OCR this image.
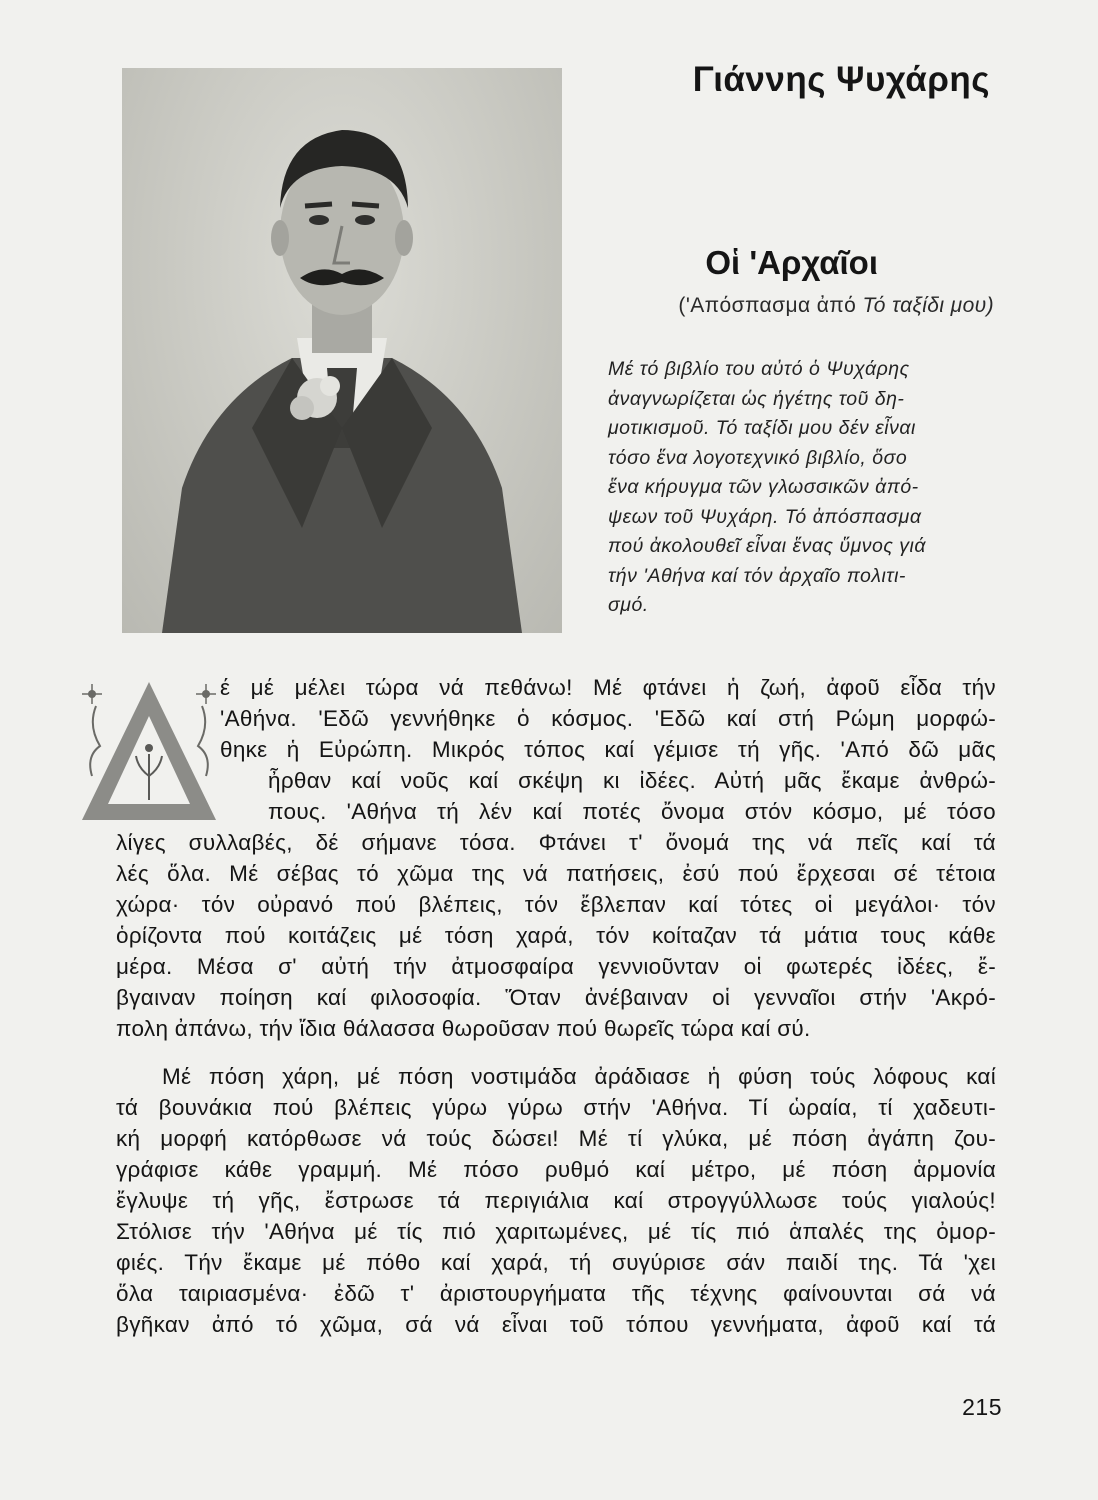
Γιάννης Ψυχάρης
Οἱ 'Αρχαῖοι
('Απόσπασμα ἀπό Τό ταξίδι μου)
Μέ τό βιβλίο του αὐτό ὁ Ψυχάρης
ἀναγνωρίζεται ὡς ἡγέτης τοῦ δη-
μοτικισμοῦ. Τό ταξίδι μου δέν εἶναι
τόσο ἕνα λογοτεχνικό βιβλίο, ὅσο
ἕνα κήρυγμα τῶν γλωσσικῶν ἀπό-
ψεων τοῦ Ψυχάρη. Τό ἀπόσπασμα
πού ἀκολουθεῖ εἶναι ἕνας ὕμνος γιά
τήν 'Αθήνα καί τόν ἀρχαῖο πολιτι-
σμό.
έ μέ μέλει τώρα νά πεθάνω! Μέ φτάνει ἡ ζωή, ἀφοῦ εἶδα τήν
'Αθήνα. 'Εδῶ γεννήθηκε ὁ κόσμος. 'Εδῶ καί στή Ρώμη μορφώ-
θηκε ἡ Εὐρώπη. Μικρός τόπος καί γέμισε τή γῆς. 'Από δῶ μᾶς
ἦρθαν καί νοῦς καί σκέψη κι ἰδέες. Αὐτή μᾶς ἔκαμε ἀνθρώ-
πους. 'Αθήνα τή λέν καί ποτές ὄνομα στόν κόσμο, μέ τόσο
λίγες συλλαβές, δέ σήμανε τόσα. Φτάνει τ' ὄνομά της νά πεῖς καί τά
λές ὅλα. Μέ σέβας τό χῶμα της νά πατήσεις, ἐσύ πού ἔρχεσαι σέ τέτοια
χώρα· τόν οὐρανό πού βλέπεις, τόν ἔβλεπαν καί τότες οἱ μεγάλοι· τόν
ὁρίζοντα πού κοιτάζεις μέ τόση χαρά, τόν κοίταζαν τά μάτια τους κάθε
μέρα. Μέσα σ' αὐτή τήν ἀτμοσφαίρα γεννιοῦνταν οἱ φωτερές ἰδέες, ἔ-
βγαιναν ποίηση καί φιλοσοφία. Ὅταν ἀνέβαιναν οἱ γενναῖοι στήν 'Ακρό-
πολη ἀπάνω, τήν ἴδια θάλασσα θωροῦσαν πού θωρεῖς τώρα καί σύ.
Μέ πόση χάρη, μέ πόση νοστιμάδα ἀράδιασε ἡ φύση τούς λόφους καί
τά βουνάκια πού βλέπεις γύρω γύρω στήν 'Αθήνα. Τί ὡραία, τί χαδευτι-
κή μορφή κατόρθωσε νά τούς δώσει! Μέ τί γλύκα, μέ πόση ἀγάπη ζου-
γράφισε κάθε γραμμή. Μέ πόσο ρυθμό καί μέτρο, μέ πόση ἁρμονία
ἔγλυψε τή γῆς, ἔστρωσε τά περιγιάλια καί στρογγύλλωσε τούς γιαλούς!
Στόλισε τήν 'Αθήνα μέ τίς πιό χαριτωμένες, μέ τίς πιό ἁπαλές της ὀμορ-
φιές. Τήν ἔκαμε μέ πόθο καί χαρά, τή συγύρισε σάν παιδί της. Τά 'χει
ὅλα ταιριασμένα· ἐδῶ τ' ἀριστουργήματα τῆς τέχνης φαίνουνται σά νά
βγῆκαν ἀπό τό χῶμα, σά νά εἶναι τοῦ τόπου γεννήματα, ἀφοῦ καί τά
215
